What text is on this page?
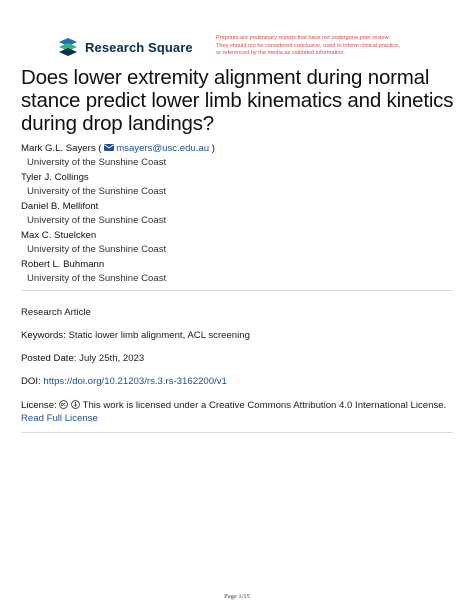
Research Square
Preprints are preliminary reports that have not undergone peer review.
They should not be considered conclusive, used to inform clinical practice,
or referenced by the media as validated information.
Does lower extremity alignment during normal
stance predict lower limb kinematics and kinetics
during drop landings?
Mark G.L. Sayers ( msayers@usc.edu.au )
University of the Sunshine Coast
Tyler J. Collings
University of the Sunshine Coast
Daniel B. Mellifont
University of the Sunshine Coast
Max C. Stuelcken
University of the Sunshine Coast
Robert L. Buhmann
University of the Sunshine Coast
Research Article
Keywords: Static lower limb alignment, ACL screening
Posted Date: July 25th, 2023
DOI: https://doi.org/10.21203/rs.3.rs-3162200/v1
License:	This work is licensed under a Creative Commons Attribution 4.0 International License.
Read Full License
Page 1/15
